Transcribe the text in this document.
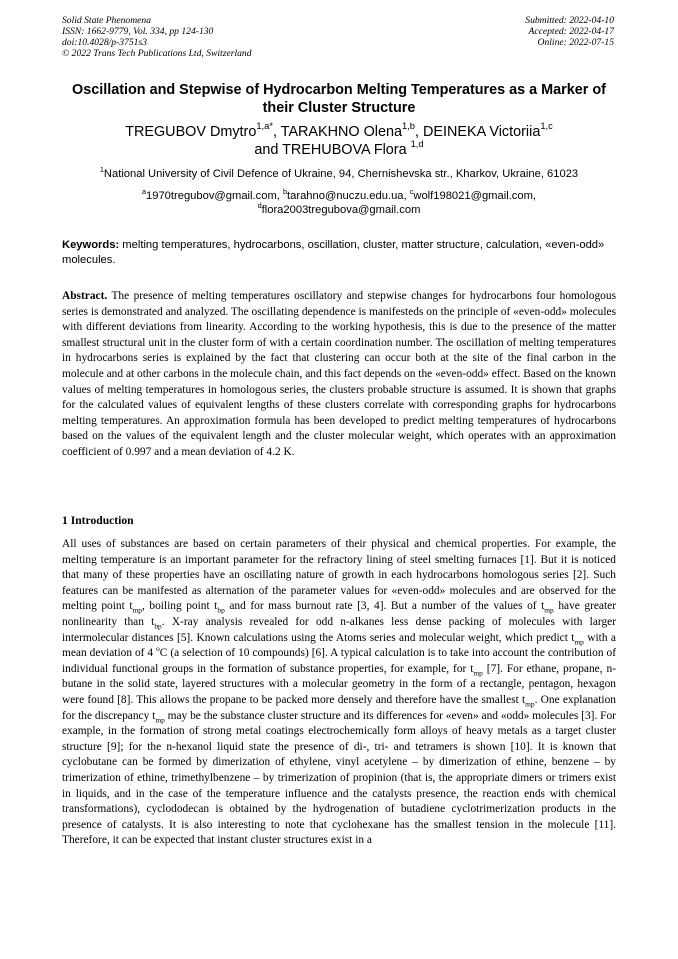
Solid State Phenomena
ISSN: 1662-9779, Vol. 334, pp 124-130
doi:10.4028/p-3751s3
© 2022 Trans Tech Publications Ltd, Switzerland
Submitted: 2022-04-10
Accepted: 2022-04-17
Online: 2022-07-15
Oscillation and Stepwise of Hydrocarbon Melting Temperatures as a Marker of their Cluster Structure
TREGUBOV Dmytro$^{1,a*}$, TARAKHNO Olena$^{1,b}$, DEINEKA Victoriia$^{1,c}$
and TREHUBOVA Flora $^{1,d}$
$^1$National University of Civil Defence of Ukraine, 94, Chernishevska str., Kharkov, Ukraine, 61023
$^a$1970tregubov@gmail.com, $^b$tarahno@nuczu.edu.ua, $^c$wolf198021@gmail.com,
$^d$flora2003tregubova@gmail.com
Keywords: melting temperatures, hydrocarbons, oscillation, cluster, matter structure, calculation, «even-odd» molecules.

Abstract. The presence of melting temperatures oscillatory and stepwise changes for hydrocarbons four homologous series is demonstrated and analyzed. The oscillating dependence is manifesteds on the principle of «even-odd» molecules with different deviations from linearity. According to the working hypothesis, this is due to the presence of the matter smallest structural unit in the cluster form of with a certain coordination number. The oscillation of melting temperatures in hydrocarbons series is explained by the fact that clustering can occur both at the site of the final carbon in the molecule and at other carbons in the molecule chain, and this fact depends on the «even-odd» effect. Based on the known values of melting temperatures in homologous series, the clusters probable structure is assumed. It is shown that graphs for the calculated values of equivalent lengths of these clusters correlate with corresponding graphs for hydrocarbons melting temperatures. An approximation formula has been developed to predict melting temperatures of hydrocarbons based on the values of the equivalent length and the cluster molecular weight, which operates with an approximation coefficient of 0.997 and a mean deviation of 4.2 K.

1 Introduction

All uses of substances are based on certain parameters of their physical and chemical properties. For example, the melting temperature is an important parameter for the refractory lining of steel smelting furnaces [1]. But it is noticed that many of these properties have an oscillating nature of growth in each hydrocarbons homologous series [2]. Such features can be manifested as alternation of the parameter values for «even-odd» molecules and are observed for the melting point $t_{mp}$, boiling point $t_{bp}$ and for mass burnout rate [3, 4]. But a number of the values of $t_{mp}$ have greater nonlinearity than $t_{bp}$. X-ray analysis revealed for odd n-alkanes less dense packing of molecules with larger intermolecular distances [5]. Known calculations using the Atoms series and molecular weight, which predict $t_{mp}$ with a mean deviation of 4 $^o$C (a selection of 10 compounds) [6]. A typical calculation is to take into account the contribution of individual functional groups in the formation of substance properties, for example, for $t_{mp}$ [7]. For ethane, propane, n-butane in the solid state, layered structures with a molecular geometry in the form of a rectangle, pentagon, hexagon were found [8]. This allows the propane to be packed more densely and therefore have the smallest $t_{mp}$. One explanation for the discrepancy $t_{mp}$ may be the substance cluster structure and its differences for «even» and «odd» molecules [3]. For example, in the formation of strong metal coatings electrochemically form alloys of heavy metals as a target cluster structure [9]; for the n-hexanol liquid state the presence of di-, tri- and tetramers is shown [10]. It is known that cyclobutane can be formed by dimerization of ethylene, vinyl acetylene – by dimerization of ethine, benzene – by trimerization of ethine, trimethylbenzene – by trimerization of propinion (that is, the appropriate dimers or trimers exist in liquids, and in the case of the temperature influence and the catalysts presence, the reaction ends with chemical transformations), cyclododecan is obtained by the hydrogenation of butadiene cyclotrimerization products in the presence of catalysts. It is also interesting to note that cyclohexane has the smallest tension in the molecule [11]. Therefore, it can be expected that instant cluster structures exist in a
